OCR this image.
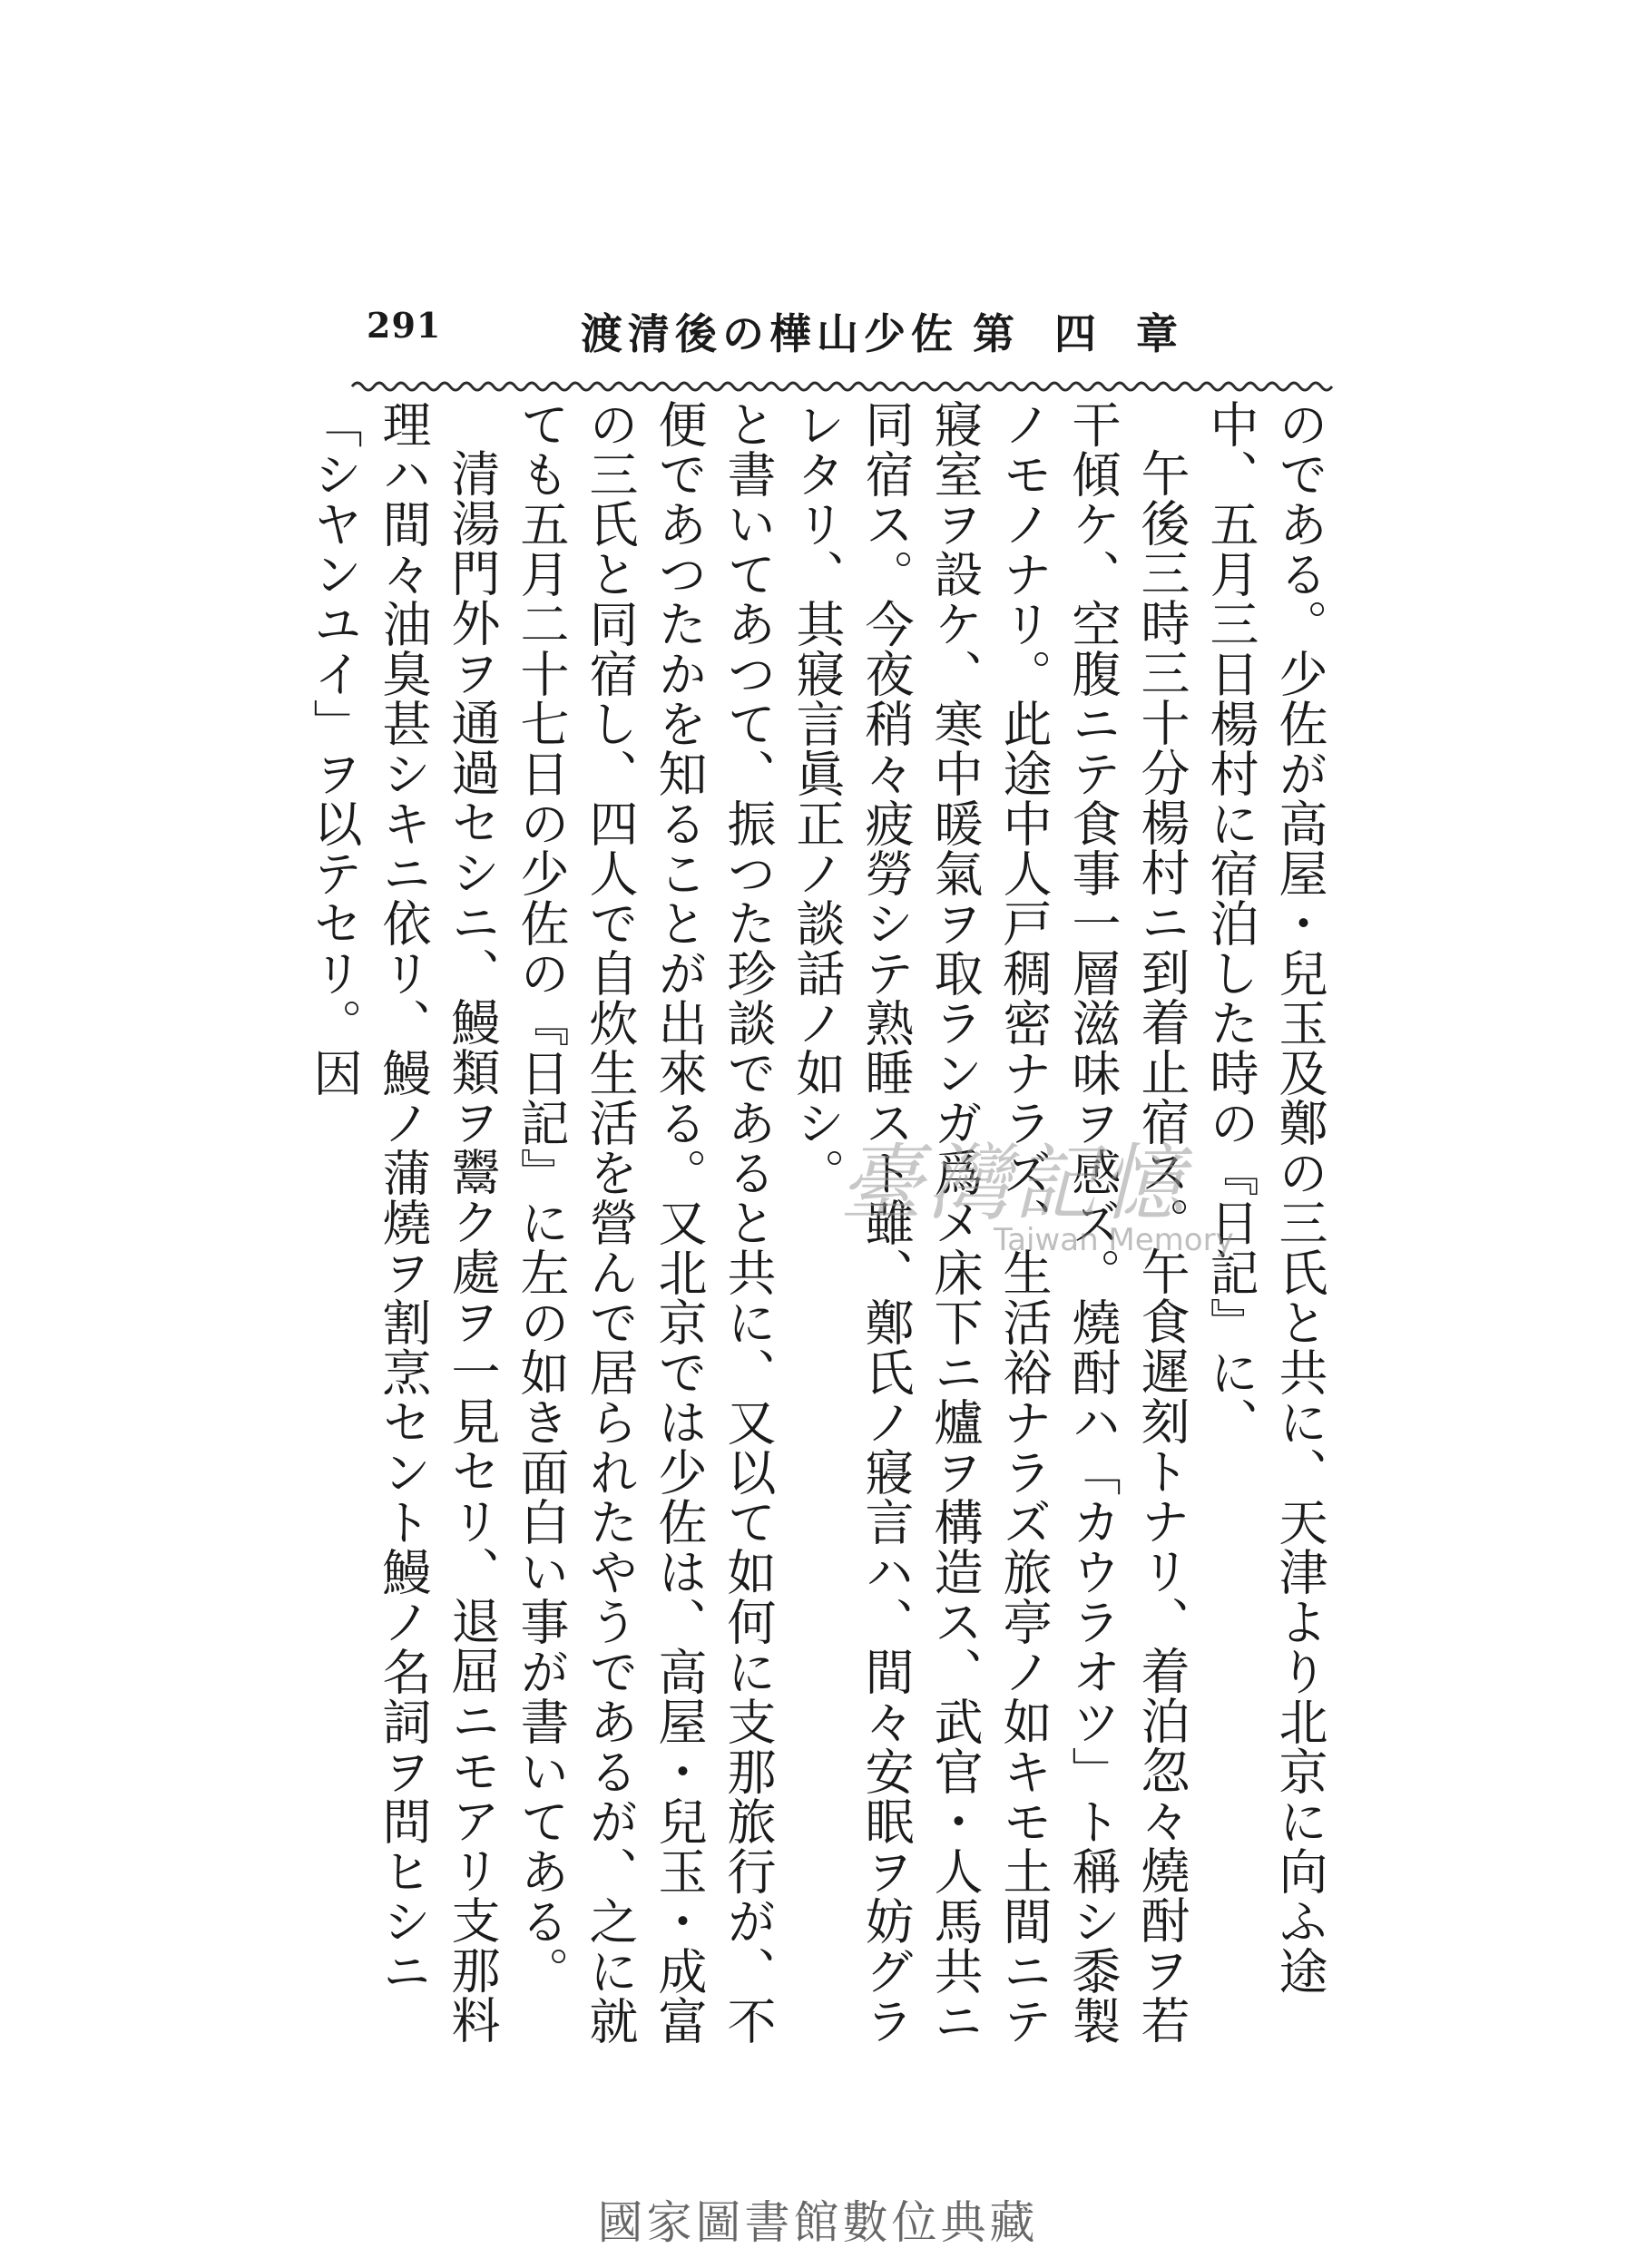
291	渡清後の樺山少佐 第四章

のである。少佐が高屋・兒玉及鄭の三氏と共に、天津より北京に向ふ途中、五月三日楊村に宿泊した時の『日記』に、

午後三時三十分楊村ニ到着止宿ス。午食遲刻トナリ、着泊忽々燒酎ヲ若干傾ケ、空腹ニテ食事一層滋味ヲ感ズ。燒酎ハ「カウラオツ」ト稱シ黍製ノモノナリ。此途中人戸稠密ナラズ、生活裕ナラズ旅亭ノ如キモ土間ニテ寢室ヲ設ケ、寒中暖氣ヲ取ランガ爲メ床下ニ爐ヲ構造ス、武官・人馬共ニ同宿ス。今夜稍々疲勞シテ熟睡スト雖、鄭氏ノ寢言ハ、間々安眠ヲ妨グラレタリ、其寢言眞正ノ談話ノ如シ。

と書いてあつて、振つた珍談であると共に、又以て如何に支那旅行が、不便であつたかを知ることが出來る。又北京では少佐は、高屋・兒玉・成富の三氏と同宿し、四人で自炊生活を營んで居られたやうであるが、之に就ても五月二十七日の少佐の『日記』に左の如き面白い事が書いてある。

清湯門外ヲ通過セシニ、鰻類ヲ鬻ク處ヲ一見セリ、退屈ニモアリ支那料理ハ間々油臭甚シキニ依リ、鰻ノ蒲燒ヲ割烹セント鰻ノ名詞ヲ問ヒシニ「シヤンユイ」ヲ以テセリ。因

臺灣記憶
Taiwan Memory
國家圖書館數位典藏
